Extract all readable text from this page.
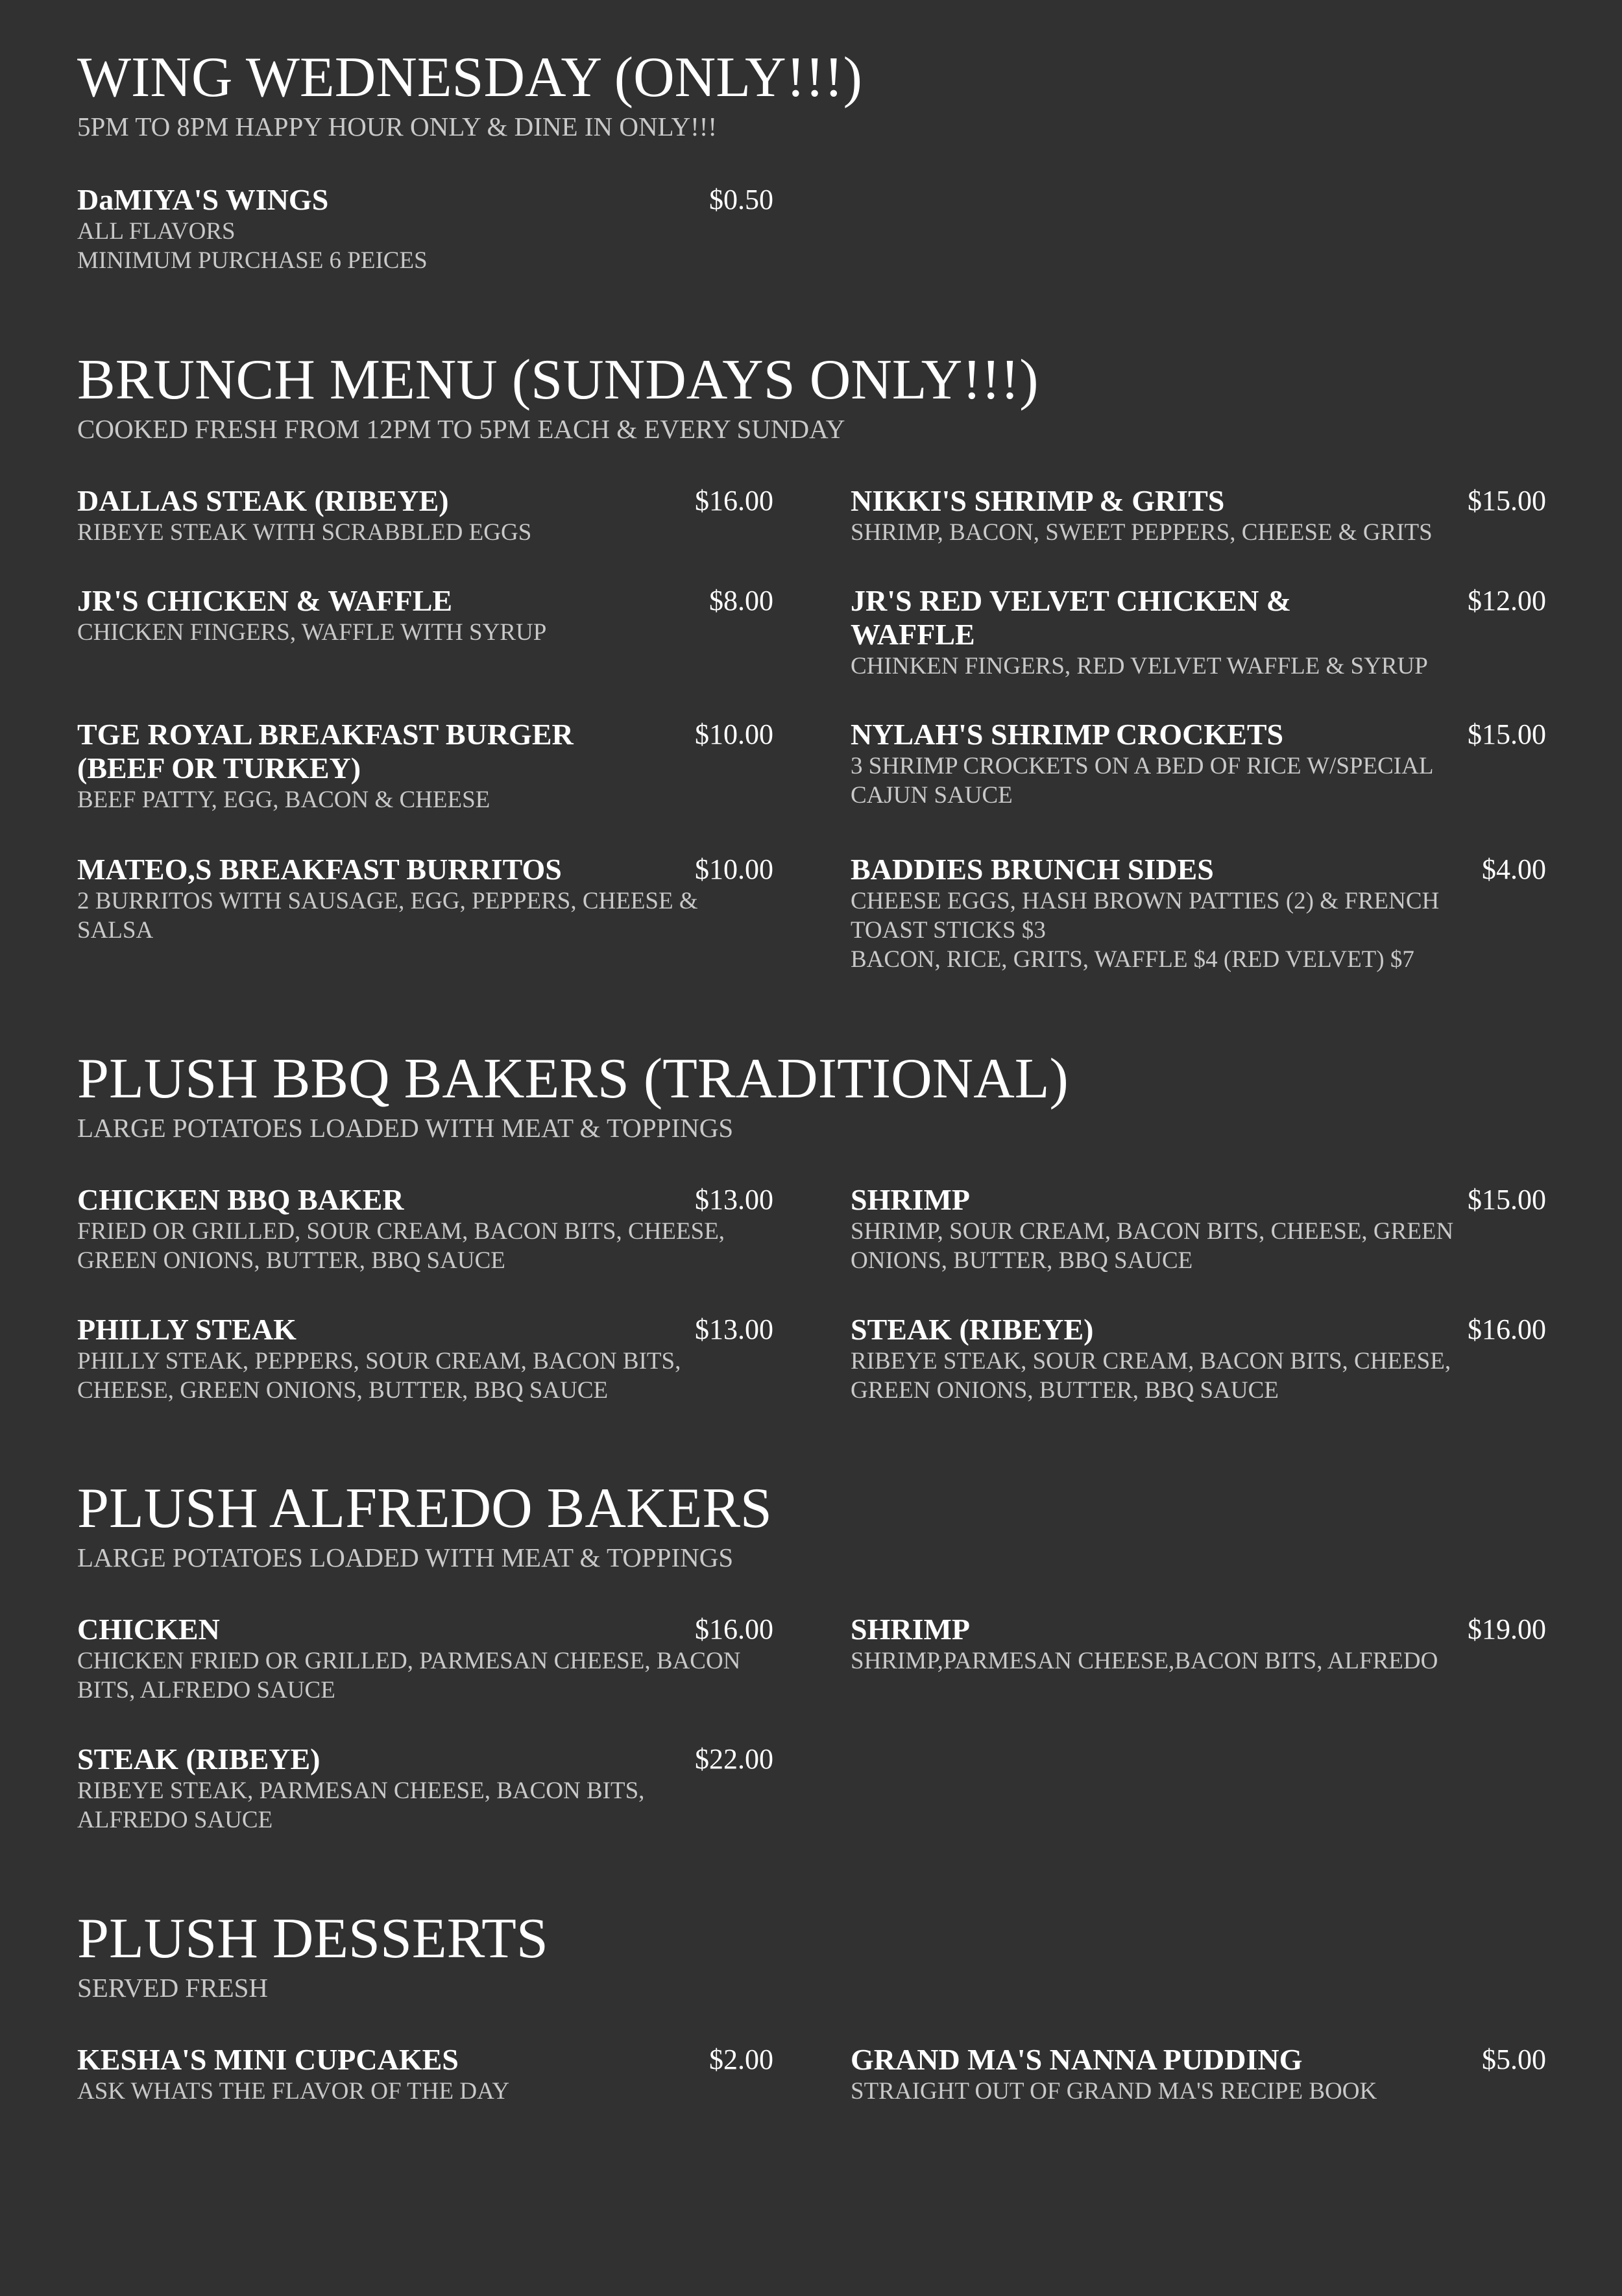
WING WEDNESDAY (ONLY!!!)
5PM TO 8PM HAPPY HOUR ONLY & DINE IN ONLY!!!
DaMIYA'S WINGS	$0.50
ALL FLAVORS
MINIMUM PURCHASE 6 PEICES
BRUNCH MENU (SUNDAYS ONLY!!!)
COOKED FRESH FROM 12PM TO 5PM EACH & EVERY SUNDAY
DALLAS STEAK (RIBEYE)	$16.00
RIBEYE STEAK WITH SCRABBLED EGGS
NIKKI'S SHRIMP & GRITS	$15.00
SHRIMP, BACON, SWEET PEPPERS, CHEESE & GRITS
JR'S CHICKEN & WAFFLE	$8.00
CHICKEN FINGERS, WAFFLE WITH SYRUP
JR'S RED VELVET CHICKEN & WAFFLE
$12.00
CHINKEN FINGERS, RED VELVET WAFFLE & SYRUP
TGE ROYAL BREAKFAST BURGER (BEEF OR TURKEY)
$10.00
BEEF PATTY, EGG, BACON & CHEESE
NYLAH'S SHRIMP CROCKETS	$15.00
3 SHRIMP CROCKETS ON A BED OF RICE W/SPECIAL CAJUN SAUCE
MATEO,S BREAKFAST BURRITOS	$10.00
2 BURRITOS WITH SAUSAGE, EGG, PEPPERS, CHEESE & SALSA
BADDIES BRUNCH SIDES	$4.00
CHEESE EGGS, HASH BROWN PATTIES (2) & FRENCH TOAST STICKS $3
BACON, RICE, GRITS, WAFFLE $4 (RED VELVET) $7
PLUSH BBQ BAKERS (TRADITIONAL)
LARGE POTATOES LOADED WITH MEAT & TOPPINGS
CHICKEN BBQ BAKER	$13.00
FRIED OR GRILLED, SOUR CREAM, BACON BITS, CHEESE, GREEN ONIONS, BUTTER, BBQ SAUCE
SHRIMP	$15.00
SHRIMP, SOUR CREAM, BACON BITS, CHEESE, GREEN ONIONS, BUTTER, BBQ SAUCE
PHILLY STEAK	$13.00
PHILLY STEAK, PEPPERS, SOUR CREAM, BACON BITS, CHEESE, GREEN ONIONS, BUTTER, BBQ SAUCE
STEAK (RIBEYE)	$16.00
RIBEYE STEAK, SOUR CREAM, BACON BITS, CHEESE, GREEN ONIONS, BUTTER, BBQ SAUCE
PLUSH ALFREDO BAKERS
LARGE POTATOES LOADED WITH MEAT & TOPPINGS
CHICKEN	$16.00
CHICKEN FRIED OR GRILLED, PARMESAN CHEESE, BACON BITS, ALFREDO SAUCE
SHRIMP	$19.00
SHRIMP,PARMESAN CHEESE,BACON BITS, ALFREDO
STEAK (RIBEYE)	$22.00
RIBEYE STEAK, PARMESAN CHEESE, BACON BITS, ALFREDO SAUCE
PLUSH DESSERTS
SERVED FRESH
KESHA'S MINI CUPCAKES	$2.00
ASK WHATS THE FLAVOR OF THE DAY
GRAND MA'S NANNA PUDDING	$5.00
STRAIGHT OUT OF GRAND MA'S RECIPE BOOK
